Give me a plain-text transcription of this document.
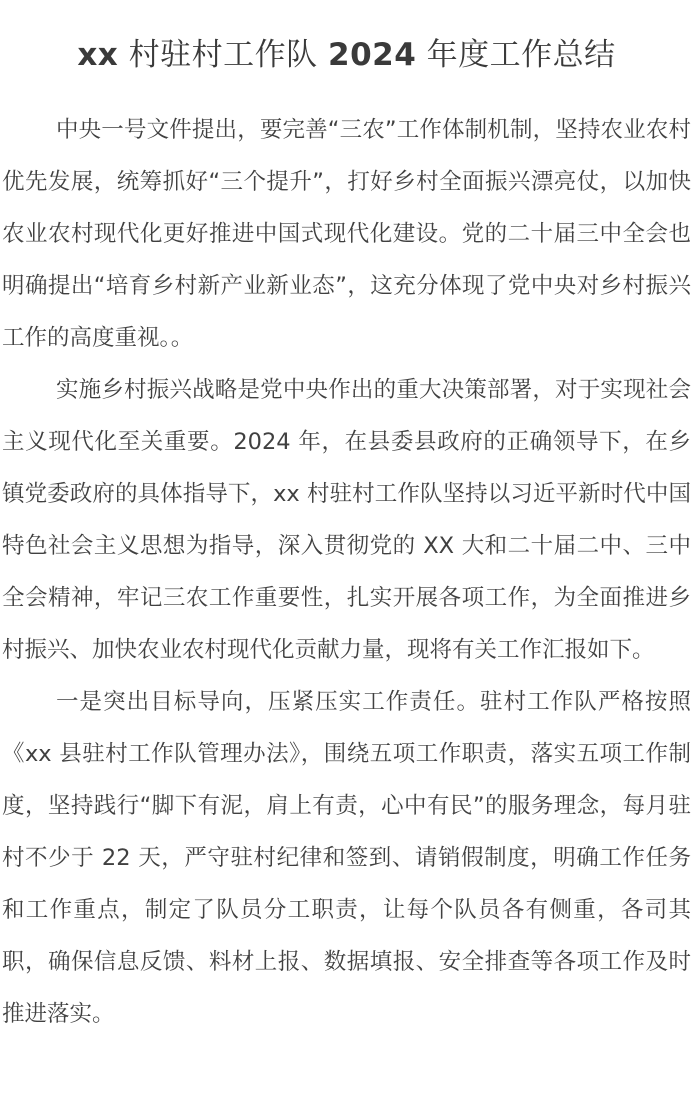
xx 村驻村工作队 2024 年度工作总结

中央一号文件提出，要完善“三农”工作体制机制，坚持农业农村优先发展，统筹抓好“三个提升”，打好乡村全面振兴漂亮仗，以加快农业农村现代化更好推进中国式现代化建设。党的二十届三中全会也明确提出“培育乡村新产业新业态”，这充分体现了党中央对乡村振兴工作的高度重视。。

实施乡村振兴战略是党中央作出的重大决策部署，对于实现社会主义现代化至关重要。2024 年，在县委县政府的正确领导下，在乡镇党委政府的具体指导下，xx 村驻村工作队坚持以习近平新时代中国特色社会主义思想为指导，深入贯彻党的 XX 大和二十届二中、三中全会精神，牢记三农工作重要性，扎实开展各项工作，为全面推进乡村振兴、加快农业农村现代化贡献力量，现将有关工作汇报如下。

一是突出目标导向，压紧压实工作责任。驻村工作队严格按照《xx 县驻村工作队管理办法》，围绕五项工作职责，落实五项工作制度，坚持践行“脚下有泥，肩上有责，心中有民”的服务理念，每月驻村不少于 22 天，严守驻村纪律和签到、请销假制度，明确工作任务和工作重点，制定了队员分工职责，让每个队员各有侧重，各司其职，确保信息反馈、料材上报、数据填报、安全排查等各项工作及时推进落实。
